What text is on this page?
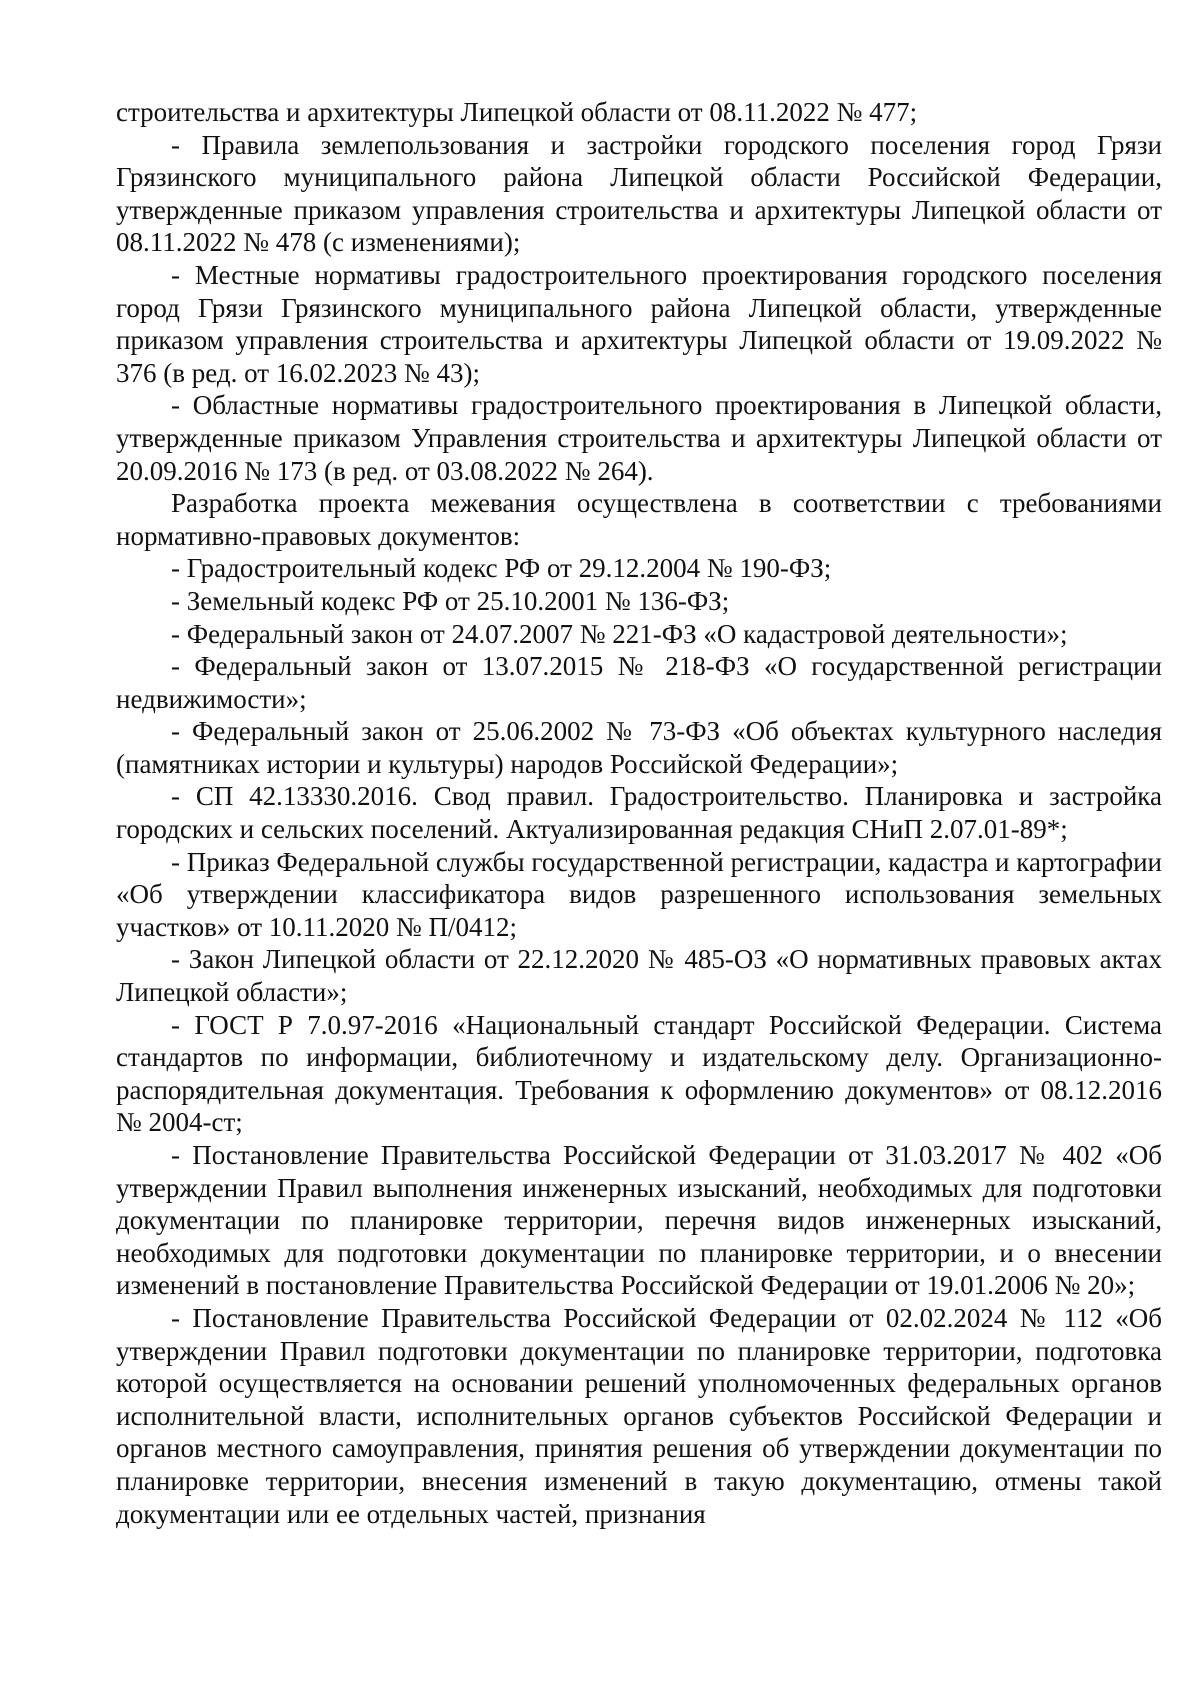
строительства и архитектуры Липецкой области от 08.11.2022 № 477;

- Правила землепользования и застройки городского поселения город Грязи Грязинского муниципального района Липецкой области Российской Федерации, утвержденные приказом управления строительства и архитектуры Липецкой области от 08.11.2022 № 478 (с изменениями);

- Местные нормативы градостроительного проектирования городского поселения город Грязи Грязинского муниципального района Липецкой области, утвержденные приказом управления строительства и архитектуры Липецкой области от 19.09.2022 № 376 (в ред. от 16.02.2023 № 43);

- Областные нормативы градостроительного проектирования в Липецкой области, утвержденные приказом Управления строительства и архитектуры Липецкой области от 20.09.2016 № 173 (в ред. от 03.08.2022 № 264).

Разработка проекта межевания осуществлена в соответствии с требованиями нормативно-правовых документов:

- Градостроительный кодекс РФ от 29.12.2004 № 190-ФЗ;

- Земельный кодекс РФ от 25.10.2001 № 136-ФЗ;

- Федеральный закон от 24.07.2007 № 221-ФЗ «О кадастровой деятельности»;

- Федеральный закон от 13.07.2015 № 218-ФЗ «О государственной регистрации недвижимости»;

- Федеральный закон от 25.06.2002 № 73-ФЗ «Об объектах культурного наследия (памятниках истории и культуры) народов Российской Федерации»;

- СП 42.13330.2016. Свод правил. Градостроительство. Планировка и застройка городских и сельских поселений. Актуализированная редакция СНиП 2.07.01-89*;

- Приказ Федеральной службы государственной регистрации, кадастра и картографии «Об утверждении классификатора видов разрешенного использования земельных участков» от 10.11.2020 № П/0412;

- Закон Липецкой области от 22.12.2020 № 485-ОЗ «О нормативных правовых актах Липецкой области»;

- ГОСТ Р 7.0.97-2016 «Национальный стандарт Российской Федерации. Система стандартов по информации, библиотечному и издательскому делу. Организационно-распорядительная документация. Требования к оформлению документов» от 08.12.2016 № 2004-ст;

- Постановление Правительства Российской Федерации от 31.03.2017 № 402 «Об утверждении Правил выполнения инженерных изысканий, необходимых для подготовки документации по планировке территории, перечня видов инженерных изысканий, необходимых для подготовки документации по планировке территории, и о внесении изменений в постановление Правительства Российской Федерации от 19.01.2006 № 20»;

- Постановление Правительства Российской Федерации от 02.02.2024 № 112 «Об утверждении Правил подготовки документации по планировке территории, подготовка которой осуществляется на основании решений уполномоченных федеральных органов исполнительной власти, исполнительных органов субъектов Российской Федерации и органов местного самоуправления, принятия решения об утверждении документации по планировке территории, внесения изменений в такую документацию, отмены такой документации или ее отдельных частей, признания
